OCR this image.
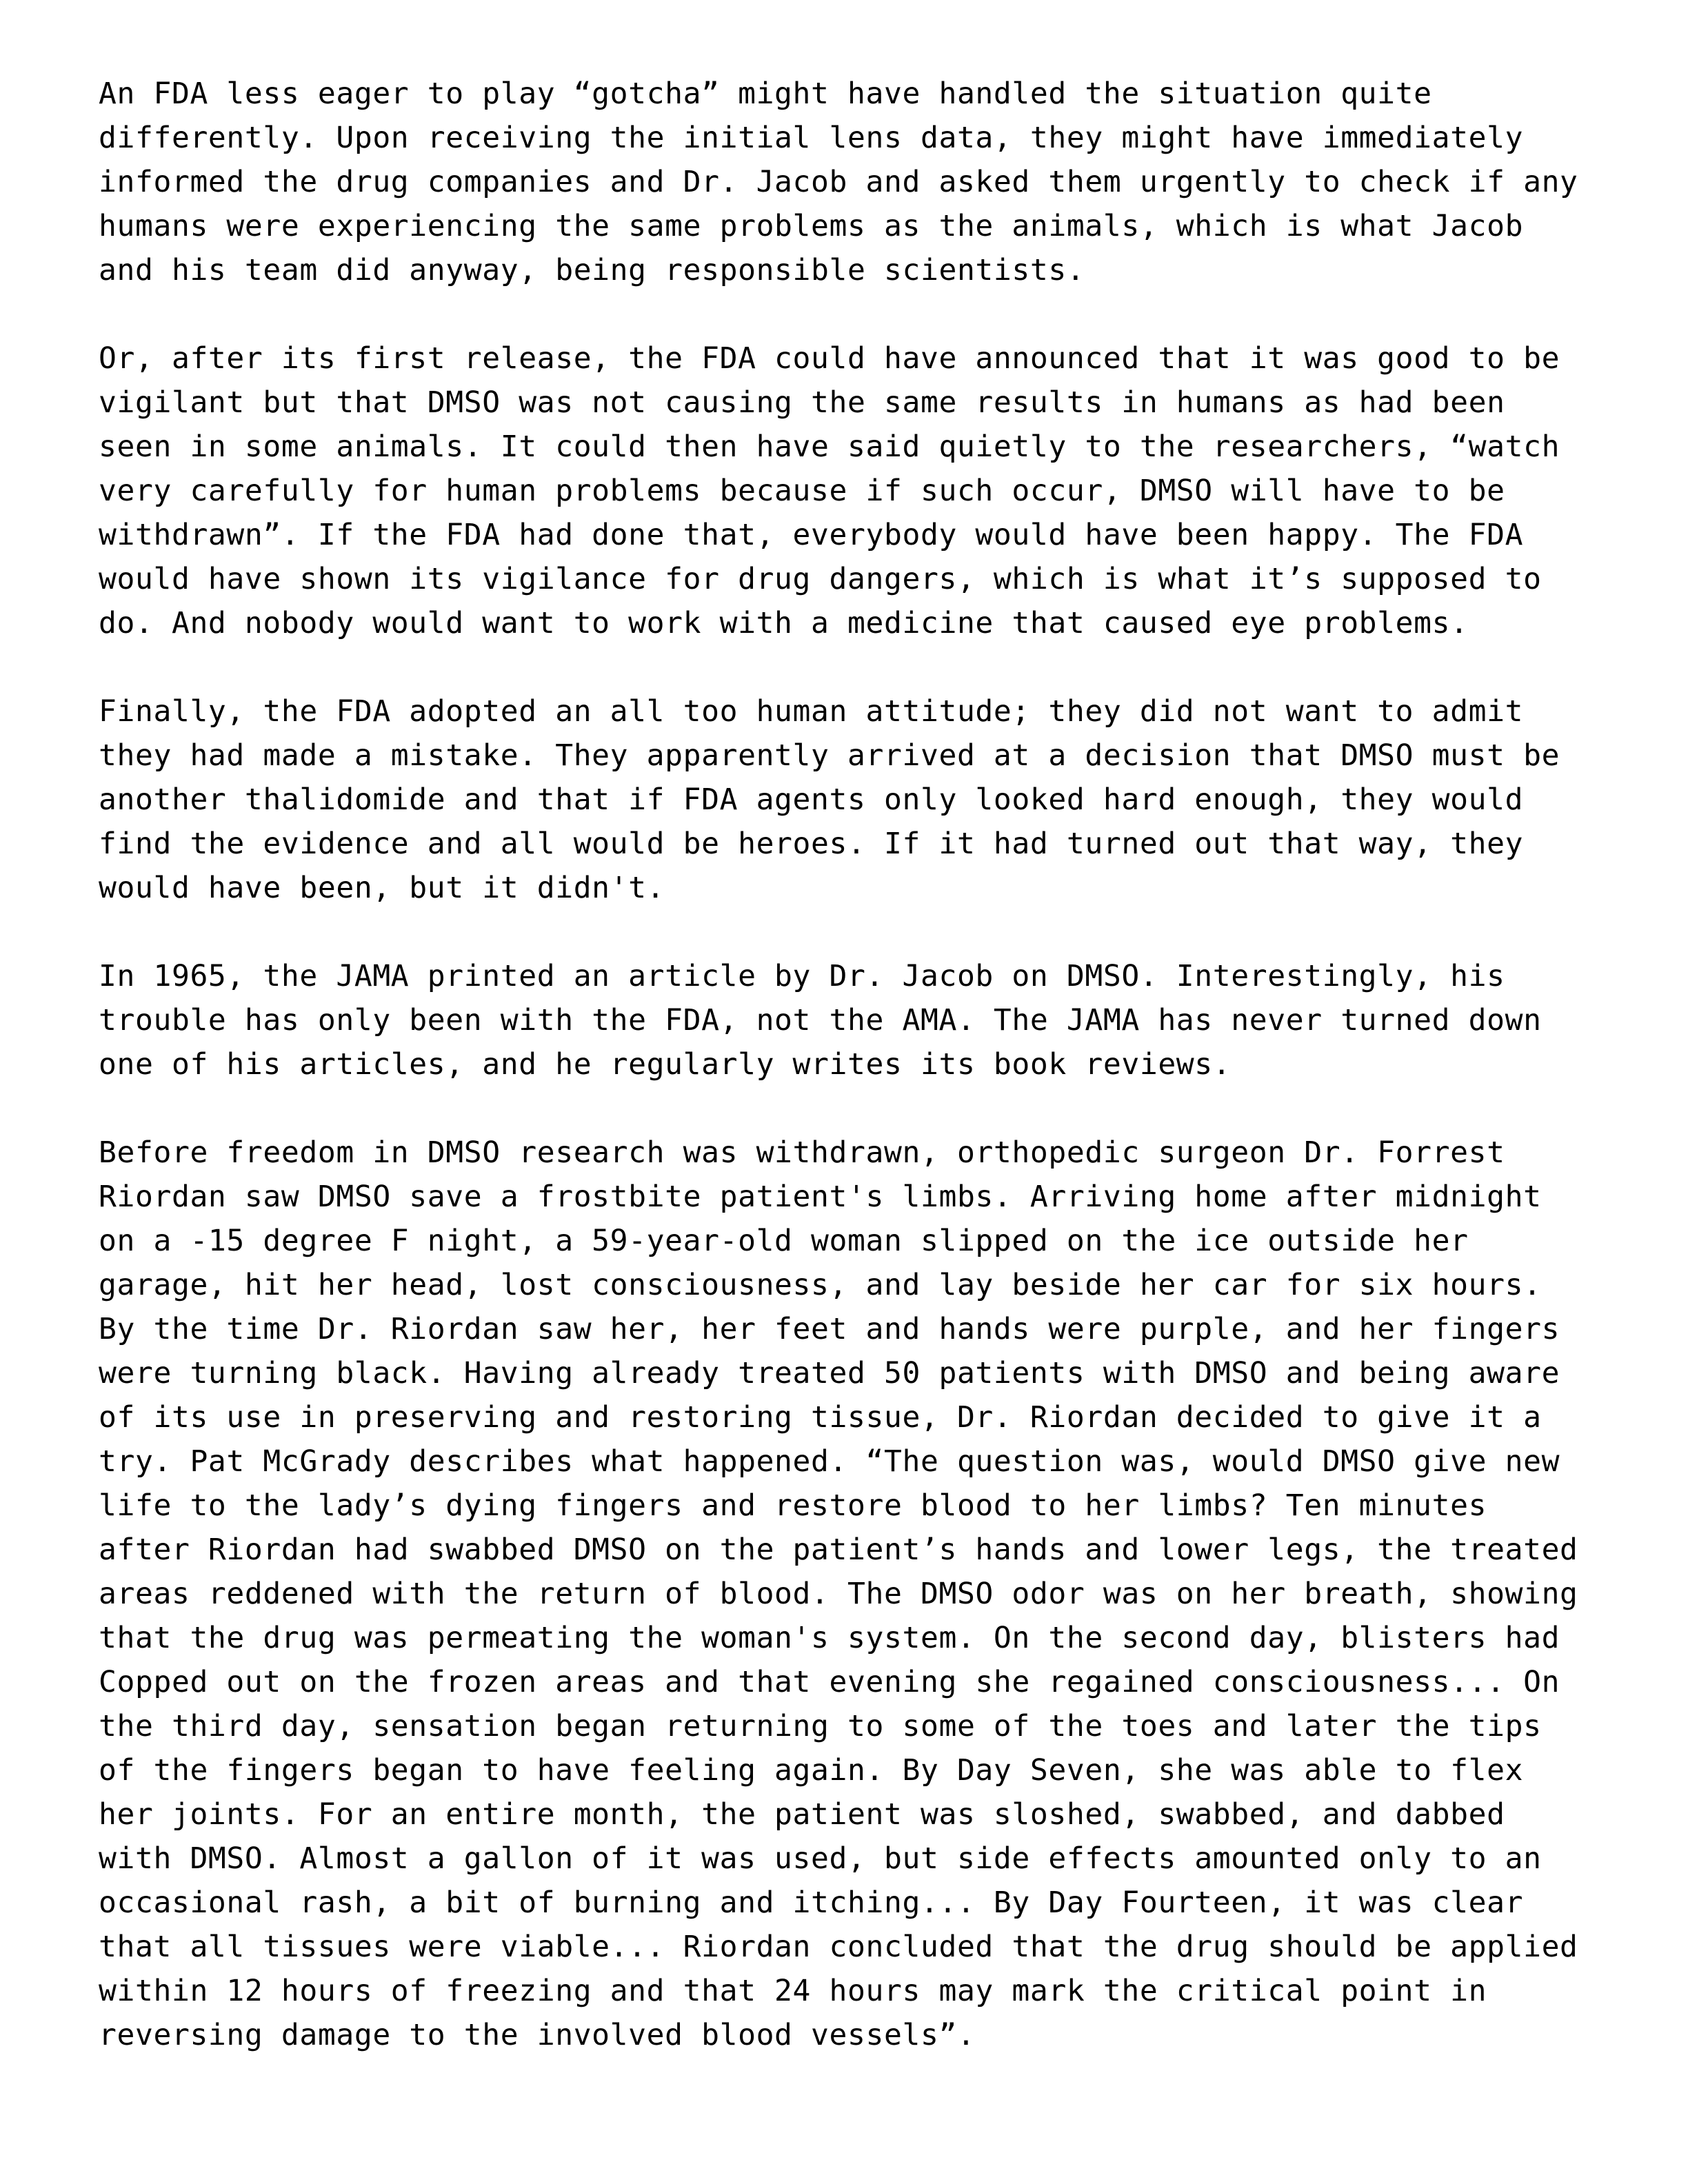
An FDA less eager to play “gotcha” might have handled the situation quite
differently. Upon receiving the initial lens data, they might have immediately
informed the drug companies and Dr. Jacob and asked them urgently to check if any
humans were experiencing the same problems as the animals, which is what Jacob
and his team did anyway, being responsible scientists.
Or, after its first release, the FDA could have announced that it was good to be
vigilant but that DMSO was not causing the same results in humans as had been
seen in some animals. It could then have said quietly to the researchers, “watch
very carefully for human problems because if such occur, DMSO will have to be
withdrawn”. If the FDA had done that, everybody would have been happy. The FDA
would have shown its vigilance for drug dangers, which is what it’s supposed to
do. And nobody would want to work with a medicine that caused eye problems.
Finally, the FDA adopted an all too human attitude; they did not want to admit
they had made a mistake. They apparently arrived at a decision that DMSO must be
another thalidomide and that if FDA agents only looked hard enough, they would
find the evidence and all would be heroes. If it had turned out that way, they
would have been, but it didn't.
In 1965, the JAMA printed an article by Dr. Jacob on DMSO. Interestingly, his
trouble has only been with the FDA, not the AMA. The JAMA has never turned down
one of his articles, and he regularly writes its book reviews.
Before freedom in DMSO research was withdrawn, orthopedic surgeon Dr. Forrest
Riordan saw DMSO save a frostbite patient's limbs. Arriving home after midnight
on a -15 degree F night, a 59-year-old woman slipped on the ice outside her
garage, hit her head, lost consciousness, and lay beside her car for six hours.
By the time Dr. Riordan saw her, her feet and hands were purple, and her fingers
were turning black. Having already treated 50 patients with DMSO and being aware
of its use in preserving and restoring tissue, Dr. Riordan decided to give it a
try. Pat McGrady describes what happened. “The question was, would DMSO give new
life to the lady’s dying fingers and restore blood to her limbs? Ten minutes
after Riordan had swabbed DMSO on the patient’s hands and lower legs, the treated
areas reddened with the return of blood. The DMSO odor was on her breath, showing
that the drug was permeating the woman's system. On the second day, blisters had
Copped out on the frozen areas and that evening she regained consciousness... On
the third day, sensation began returning to some of the toes and later the tips
of the fingers began to have feeling again. By Day Seven, she was able to flex
her joints. For an entire month, the patient was sloshed, swabbed, and dabbed
with DMSO. Almost a gallon of it was used, but side effects amounted only to an
occasional rash, a bit of burning and itching... By Day Fourteen, it was clear
that all tissues were viable... Riordan concluded that the drug should be applied
within 12 hours of freezing and that 24 hours may mark the critical point in
reversing damage to the involved blood vessels”.
